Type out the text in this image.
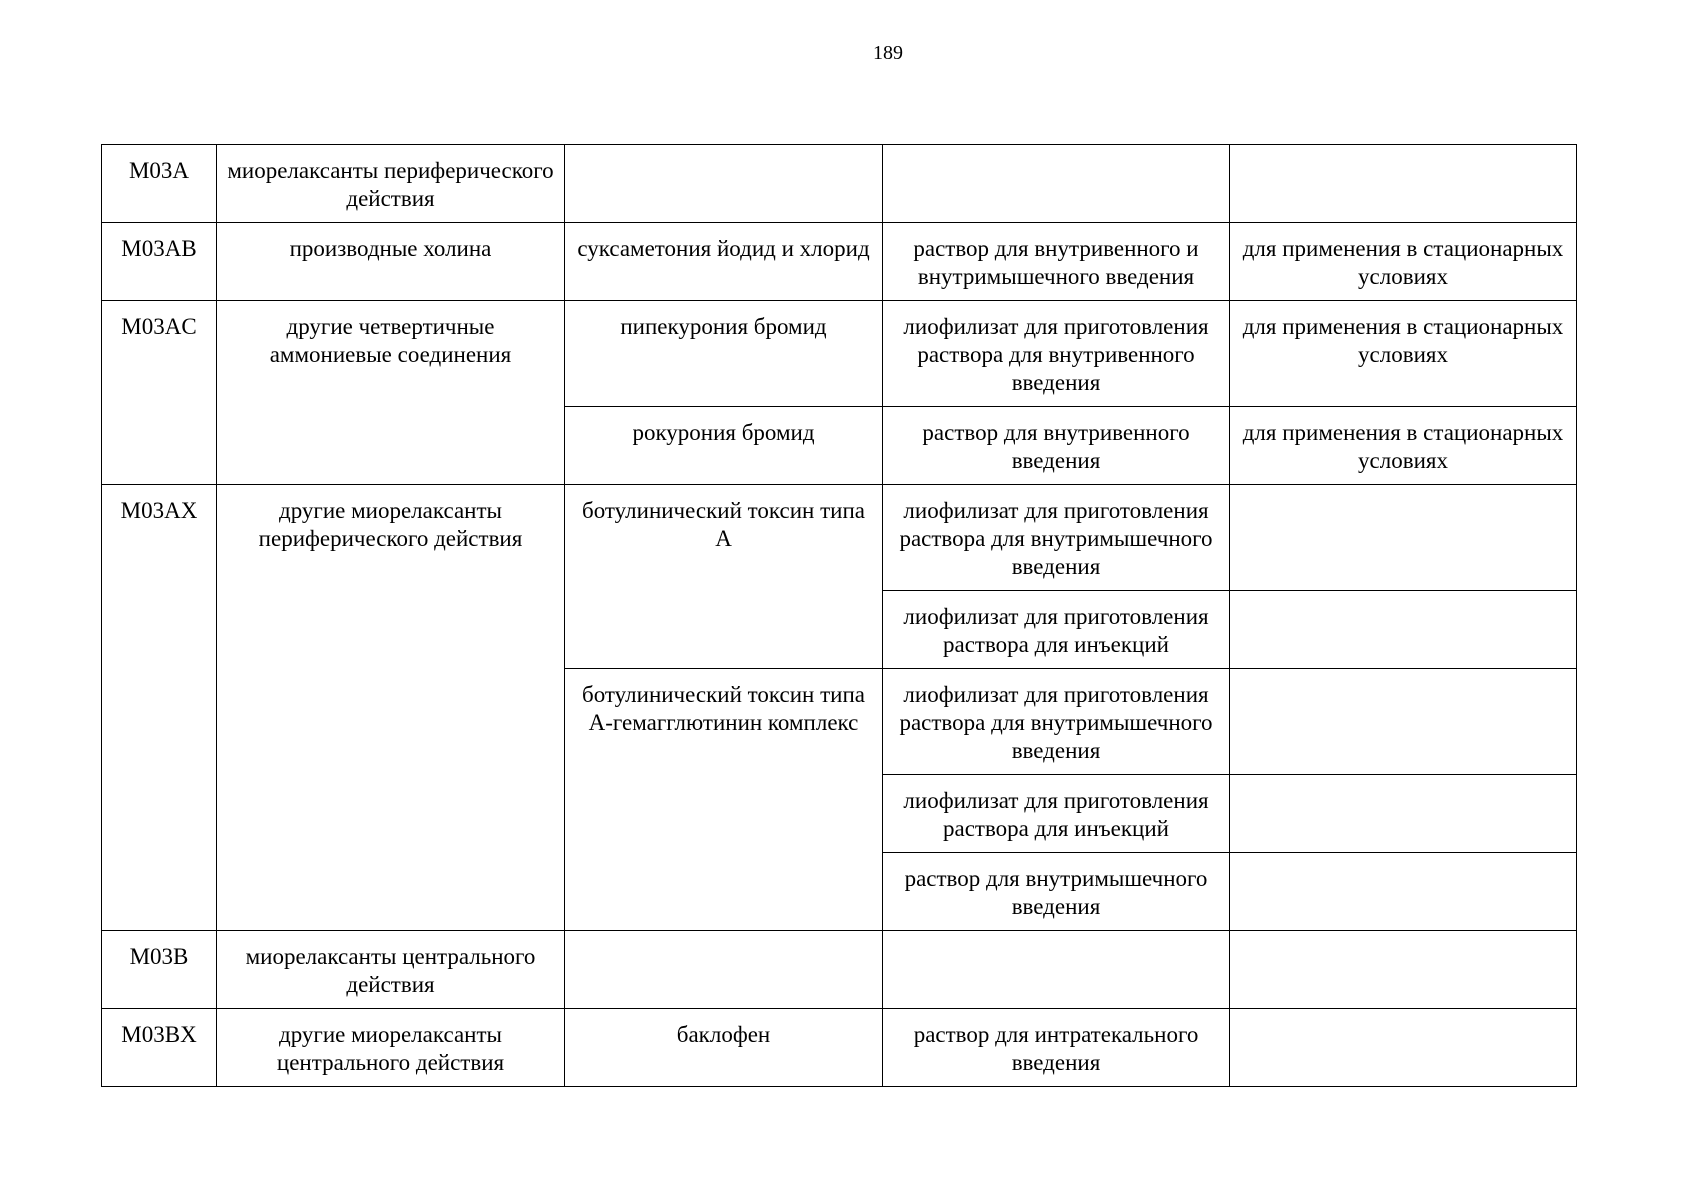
189
M03A	миорелаксанты периферического действия			
M03AB	производные холина	суксаметония йодид и хлорид	раствор для внутривенного и внутримышечного введения	для применения в стационарных условиях
M03AC	другие четвертичные аммониевые соединения	пипекурония бромид	лиофилизат для приготовления раствора для внутривенного введения	для применения в стационарных условиях
		рокурония бромид	раствор для внутривенного введения	для применения в стационарных условиях
M03AX	другие миорелаксанты периферического действия	ботулинический токсин типа A	лиофилизат для приготовления раствора для внутримышечного введения	
			лиофилизат для приготовления раствора для инъекций	
		ботулинический токсин типа A-гемагглютинин комплекс	лиофилизат для приготовления раствора для внутримышечного введения	
			лиофилизат для приготовления раствора для инъекций	
			раствор для внутримышечного введения	
M03B	миорелаксанты центрального действия			
M03BX	другие миорелаксанты центрального действия	баклофен	раствор для интратекального введения	
